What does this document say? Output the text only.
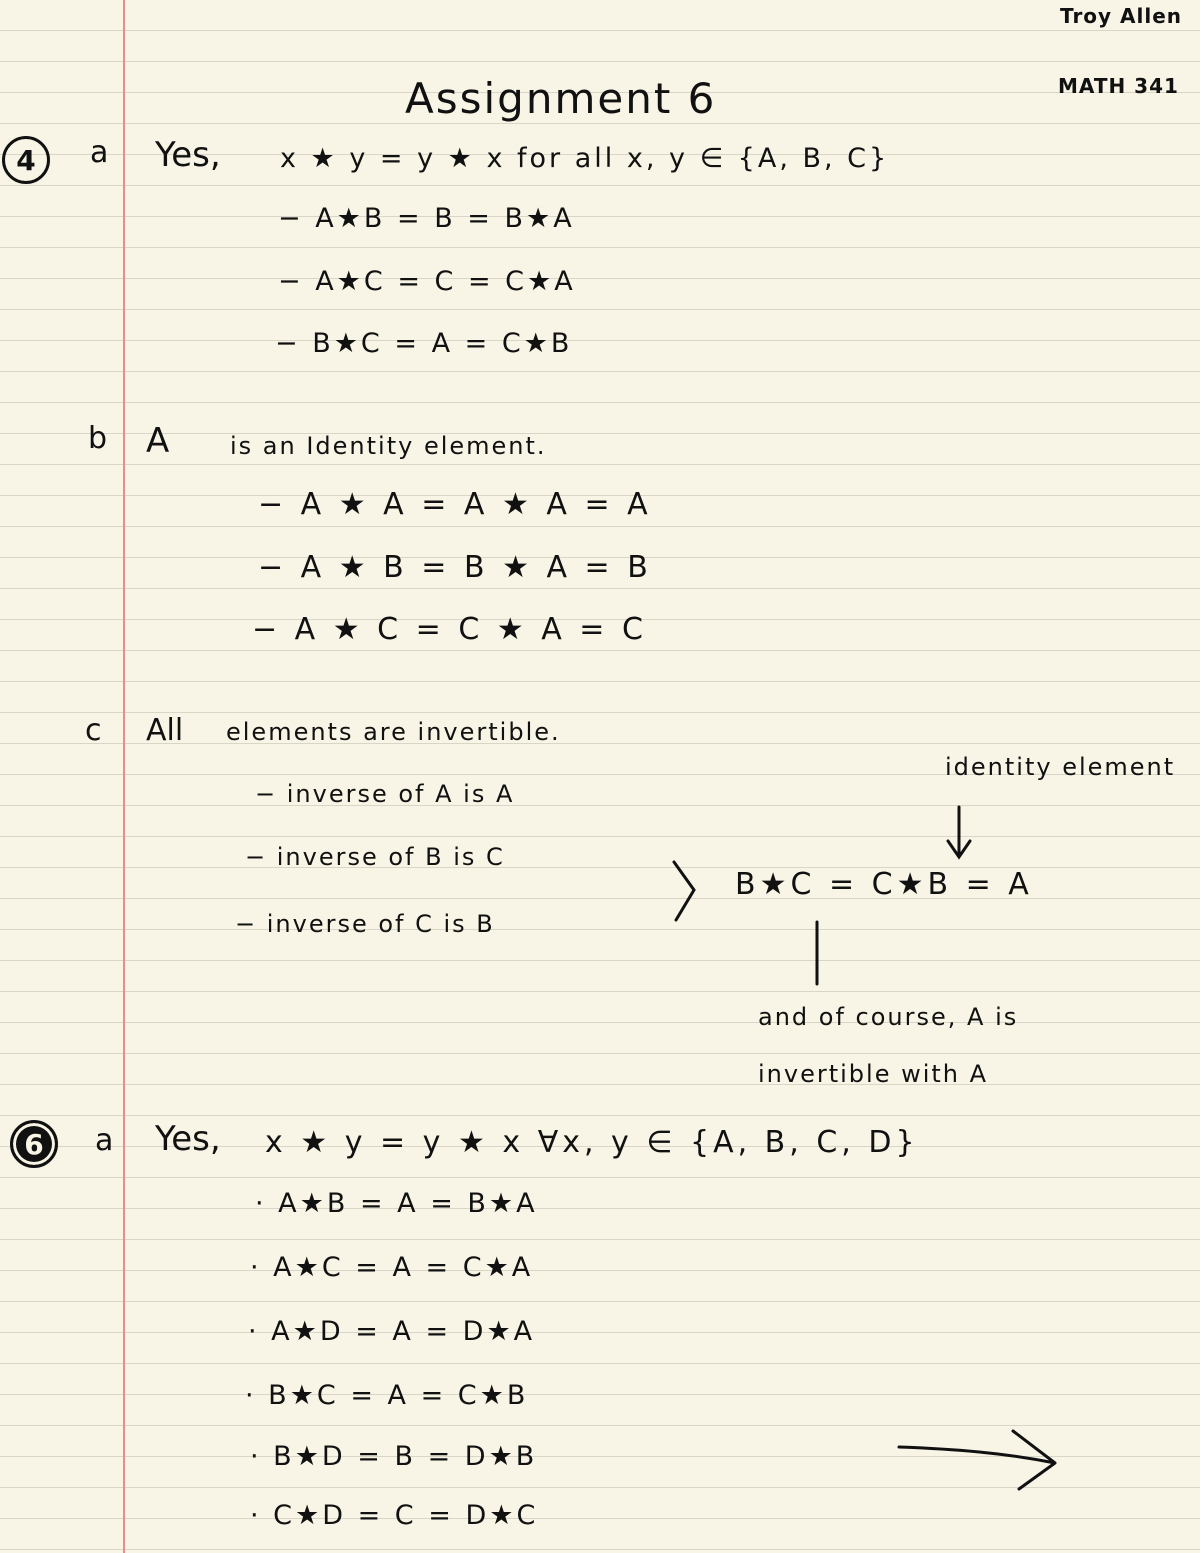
Troy Allen
MATH 341
Assignment 6
4 a Yes, x ★ y = y ★ x for all x, y ∈ {A, B, C}
− A★B = B = B★A
− A★C = C = C★A
− B★C = A = C★B
b A	is an Identity element.
− A ★ A = A ★ A = A
− A ★ B = B ★ A = B
− A ★ C = C ★ A = C
c All elements are invertible.
− inverse of A is A
− inverse of B is C
− inverse of C is B
identity element
B★C = C★B = A
and of course, A is
invertible with A
6 a Yes, x ★ y = y ★ x ∀x, y ∈ {A, B, C, D}
· A★B = A = B★A
· A★C = A = C★A
· A★D = A = D★A
· B★C = A = C★B
· B★D = B = D★B
· C★D = C = D★C
